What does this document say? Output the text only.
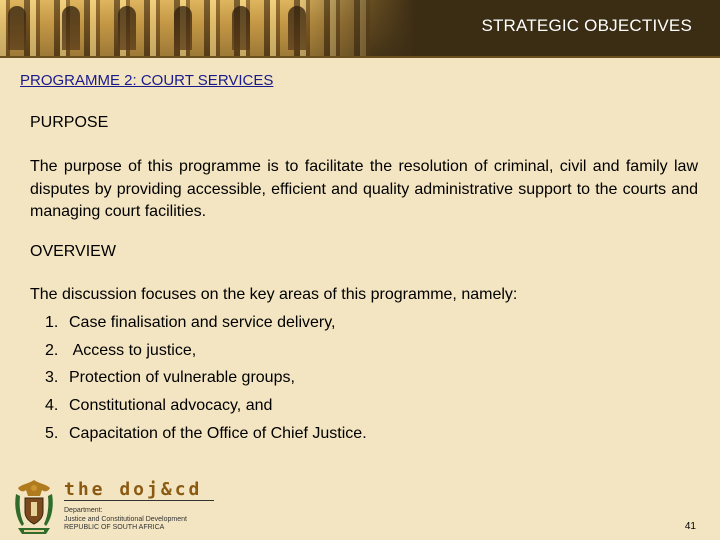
STRATEGIC OBJECTIVES
PROGRAMME 2: COURT SERVICES
PURPOSE
The purpose of this programme is to facilitate the resolution of criminal, civil and family law disputes by providing accessible, efficient and quality administrative support to the courts and managing court facilities.
OVERVIEW
The discussion focuses on the key areas of this programme, namely:
1. Case finalisation and service delivery,
2. Access to justice,
3. Protection of vulnerable groups,
4. Constitutional advocacy, and
5. Capacitation of the Office of Chief Justice.
the doj&cd
Department:
Justice and Constitutional Development
REPUBLIC OF SOUTH AFRICA	41
